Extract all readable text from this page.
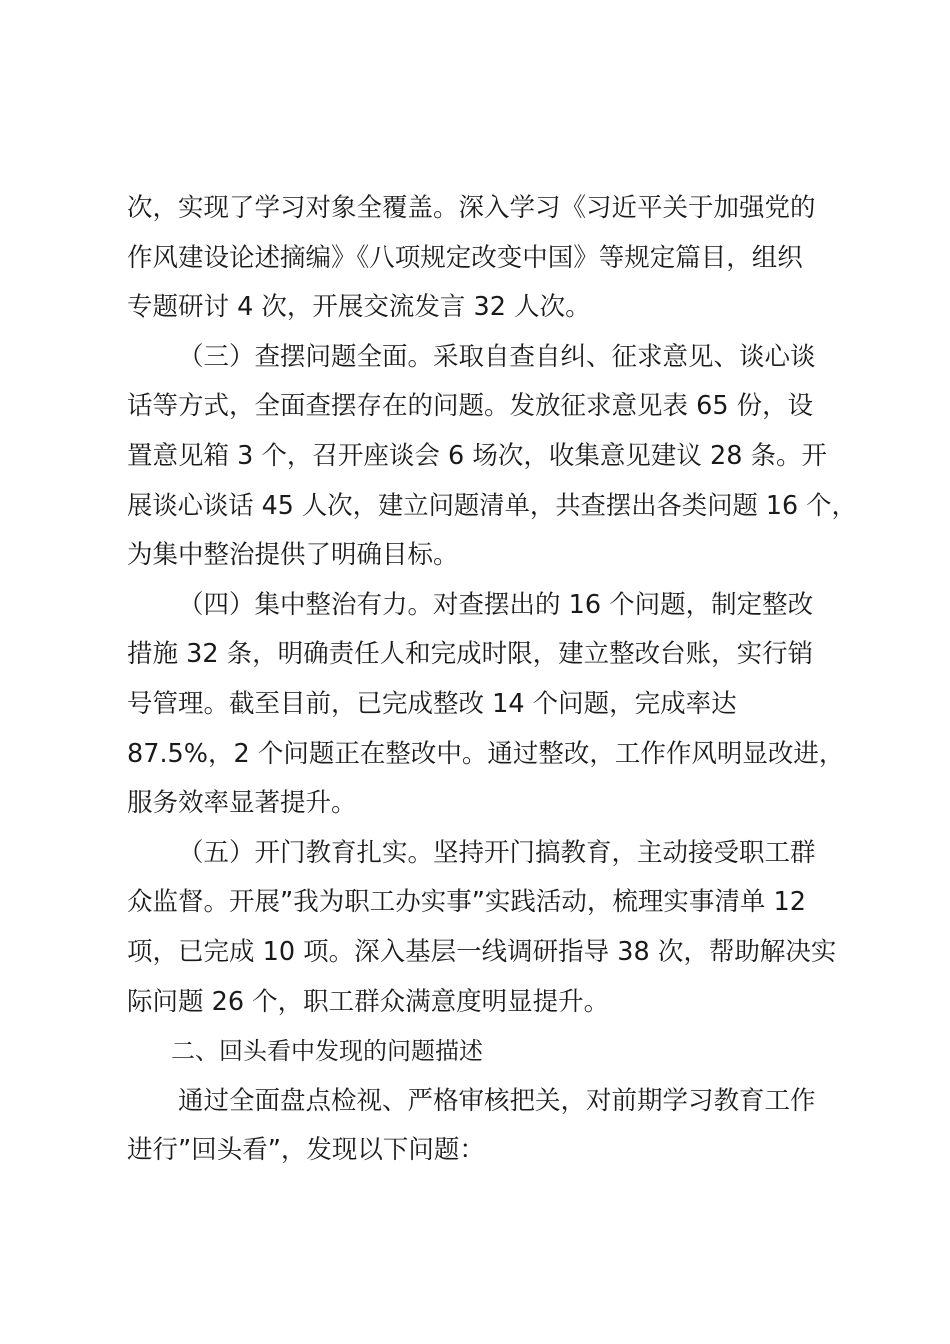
次，实现了学习对象全覆盖。深入学习《习近平关于加强党的
作风建设论述摘编》《八项规定改变中国》等规定篇目，组织
专题研讨 4 次，开展交流发言 32 人次。
（三）查摆问题全面。采取自查自纠、征求意见、谈心谈
话等方式，全面查摆存在的问题。发放征求意见表 65 份，设
置意见箱 3 个，召开座谈会 6 场次，收集意见建议 28 条。开
展谈心谈话 45 人次，建立问题清单，共查摆出各类问题 16 个，
为集中整治提供了明确目标。
（四）集中整治有力。对查摆出的 16 个问题，制定整改
措施 32 条，明确责任人和完成时限，建立整改台账，实行销
号管理。截至目前，已完成整改 14 个问题，完成率达
87.5%，2 个问题正在整改中。通过整改，工作作风明显改进，
服务效率显著提升。
（五）开门教育扎实。坚持开门搞教育，主动接受职工群
众监督。开展”我为职工办实事”实践活动，梳理实事清单 12
项，已完成 10 项。深入基层一线调研指导 38 次，帮助解决实
际问题 26 个，职工群众满意度明显提升。
二、回头看中发现的问题描述
通过全面盘点检视、严格审核把关，对前期学习教育工作
进行”回头看”，发现以下问题：
